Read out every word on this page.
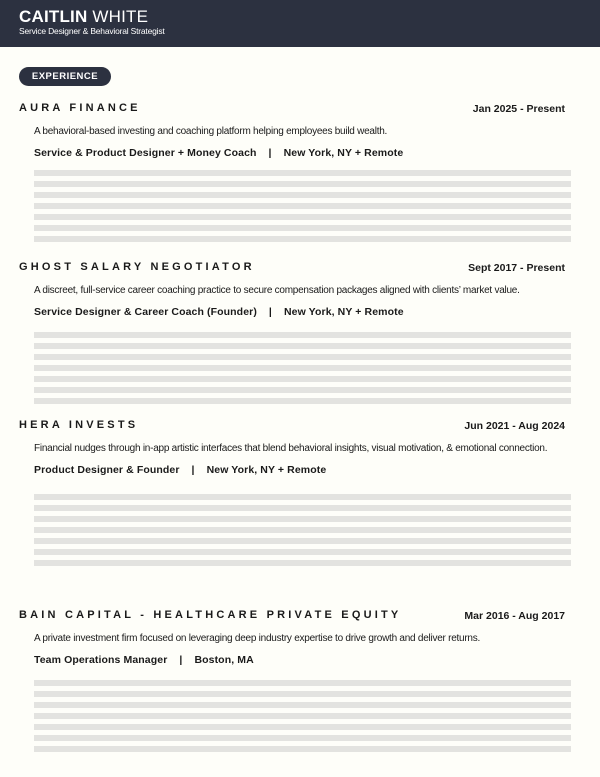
CAITLIN WHITE
Service Designer & Behavioral Strategist
EXPERIENCE
AURA FINANCE	Jan 2025 - Present
A behavioral-based investing and coaching platform helping employees build wealth.
Service & Product Designer + Money Coach | New York, NY + Remote
GHOST SALARY NEGOTIATOR	Sept 2017 - Present
A discreet, full-service career coaching practice to secure compensation packages aligned with clients’ market value.
Service Designer & Career Coach (Founder) | New York, NY + Remote
HERA INVESTS	Jun 2021 - Aug 2024
Financial nudges through in-app artistic interfaces that blend behavioral insights, visual motivation, & emotional connection.
Product Designer & Founder | New York, NY + Remote
BAIN CAPITAL - HEALTHCARE PRIVATE EQUITY	Mar 2016 - Aug 2017
A private investment firm focused on leveraging deep industry expertise to drive growth and deliver returns.
Team Operations Manager | Boston, MA
